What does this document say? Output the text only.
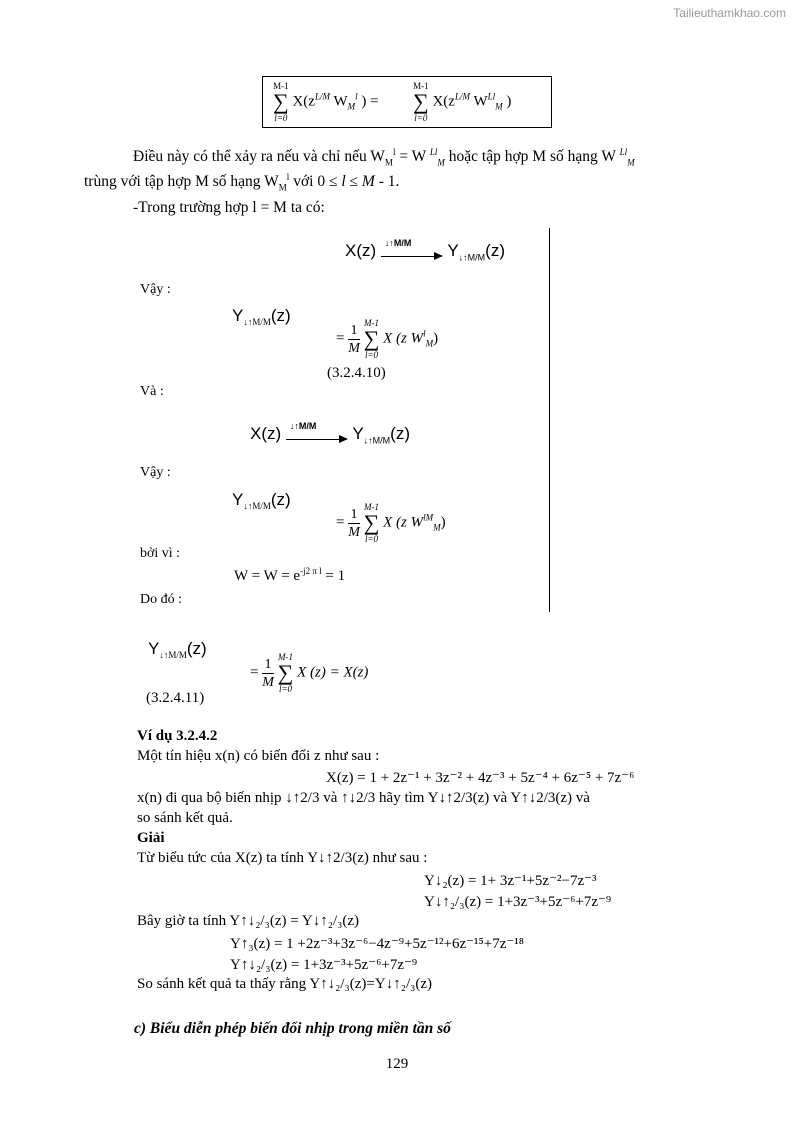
Tailieuthamkhao.com
M-1
∑
l=0 $X(z^{L/M}$ $W_M^l$ ) =
M-1
∑
l=0 $X(z^{L/M}$ $W^{Ll}_M$ )
Điều này có thể xảy ra nếu và chỉ nếu $W_M^l = W$ $^{Ll}_M$ hoặc tập hợp M số hạng W $^{Ll}_M$
trùng với tập hợp M số hạng $W_M^l$ với 0 ≤ l ≤ M - 1.
-Trong trường hợp l = M ta có:
X(z) ↓↑M/M $Y_{↓↑M/M}(z)$
Vậy :
$Y_{↓↑M/M}(z)$
= $\frac{1}{M} M-1$
∑
l=0 X (z $W^l_M$)
(3.2.4.10)
Và :
X(z) ↓↑M/M $Y_{↓↑M/M}(z)$
Vậy :
$Y_{↓↑M/M}(z)$
= $\frac{1}{M} M-1$
∑
l=0 X (z $W^{lM}_M$)
bởi vì :
$W = W = e^{-j2 \pi l} = 1$
Do đó :
$Y_{↓↑M/M}(z)$
= $\frac{1}{M} M-1$
∑
l=0 X (z) = X(z)
(3.2.4.11)
Ví dụ 3.2.4.2
Một tín hiệu x(n) có biến đổi z như sau :
X(z) = 1 + 2z⁻¹ + 3z⁻² + 4z⁻³ + 5z⁻⁴ + 6z⁻⁵ + 7z⁻⁶
x(n) đi qua bộ biến nhịp ↓↑2/3 và ↑↓2/3 hãy tìm Y↓↑2/3(z) và Y↑↓2/3(z) và
so sánh kết quả.
Giải
Từ biểu tức của X(z) ta tính Y↓↑2/3(z) như sau :
Y↓₂(z) = 1+ 3z⁻¹+5z⁻²−7z⁻³
Y↓↑₂/₃(z) = 1+3z⁻³+5z⁻⁶+7z⁻⁹
Bây giờ ta tính Y↑↓₂/₃(z) = Y↓↑₂/₃(z)
Y↑₃(z) = 1 +2z⁻³+3z⁻⁶−4z⁻⁹+5z⁻¹²+6z⁻¹⁵+7z⁻¹⁸
Y↑↓₂/₃(z) = 1+3z⁻³+5z⁻⁶+7z⁻⁹
So sánh kết quả ta thấy rằng Y↑↓₂/₃(z)=Y↓↑₂/₃(z)
c) Biểu diễn phép biến đổi nhịp trong miền tần số
129
